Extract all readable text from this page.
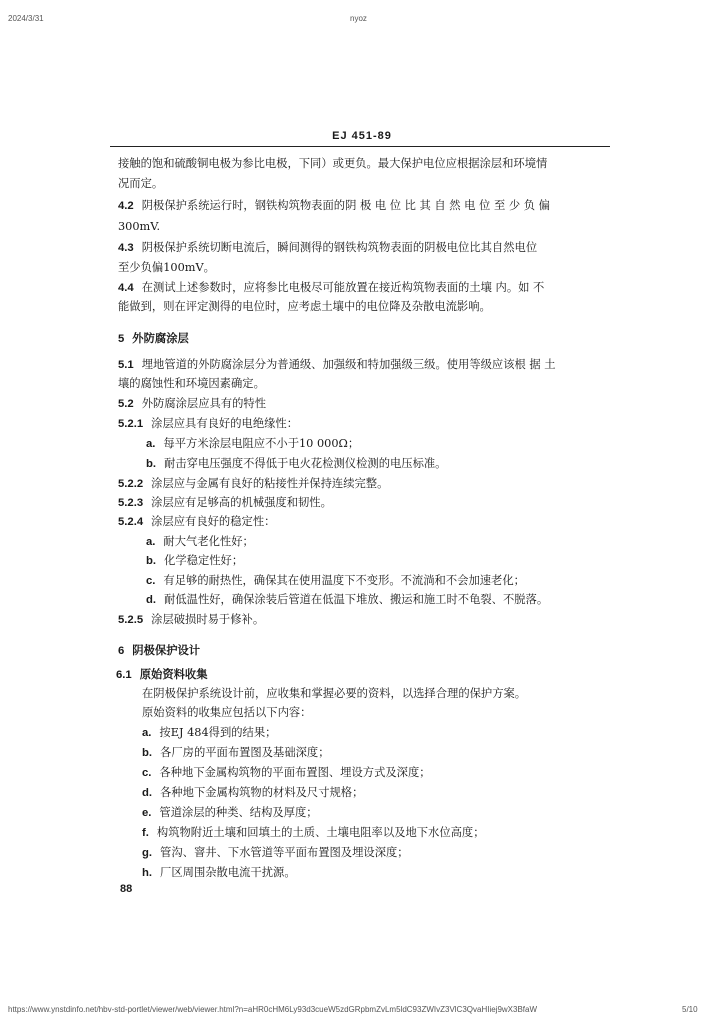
2024/3/31	nyoz
EJ 451-89
接触的饱和硫酸铜电极为参比电极，下同）或更负。最大保护电位应根据涂层和环境情
况而定。
4.2 阴极保护系统运行时，钢铁构筑物表面的阴 极 电 位 比 其 自 然 电 位 至 少 负 偏
300mV.
4.3 阴极保护系统切断电流后，瞬间测得的钢铁构筑物表面的阴极电位比其自然电位
至少负偏100mV。
4.4 在测试上述参数时，应将参比电极尽可能放置在接近构筑物表面的土壤 内。如 不
能做到，则在评定测得的电位时，应考虑土壤中的电位降及杂散电流影响。
5 外防腐涂层
5.1 埋地管道的外防腐涂层分为普通级、加强级和特加强级三级。使用等级应该根 据 土
壤的腐蚀性和环境因素确定。
5.2 外防腐涂层应具有的特性
5.2.1 涂层应具有良好的电绝缘性：
a. 每平方米涂层电阻应不小于10 000Ω；
b. 耐击穿电压强度不得低于电火花检测仪检测的电压标准。
5.2.2 涂层应与金属有良好的粘接性并保持连续完整。
5.2.3 涂层应有足够高的机械强度和韧性。
5.2.4 涂层应有良好的稳定性：
a. 耐大气老化性好；
b. 化学稳定性好；
c. 有足够的耐热性，确保其在使用温度下不变形。不流淌和不会加速老化；
d. 耐低温性好，确保涂装后管道在低温下堆放、搬运和施工时不龟裂、不脱落。
5.2.5 涂层破损时易于修补。
6 阴极保护设计
6.1 原始资料收集
在阴极保护系统设计前，应收集和掌握必要的资料，以选择合理的保护方案。
原始资料的收集应包括以下内容：
a. 按EJ 484得到的结果；
b. 各厂房的平面布置图及基础深度；
c. 各种地下金属构筑物的平面布置图、埋设方式及深度；
d. 各种地下金属构筑物的材料及尺寸规格；
e. 管道涂层的种类、结构及厚度；
f. 构筑物附近土壤和回填土的土质、土壤电阻率以及地下水位高度；
g. 管沟、窨井、下水管道等平面布置图及埋设深度；
h. 厂区周围杂散电流干扰源。
88
https://www.ynstdinfo.net/hbv-std-portlet/viewer/web/viewer.html?n=aHR0cHM6Ly93d3cueW5zdGRpbmZvLm5ldC93ZWIvZ3VlC3QvaHIiej9wX3BfaW	5/10
